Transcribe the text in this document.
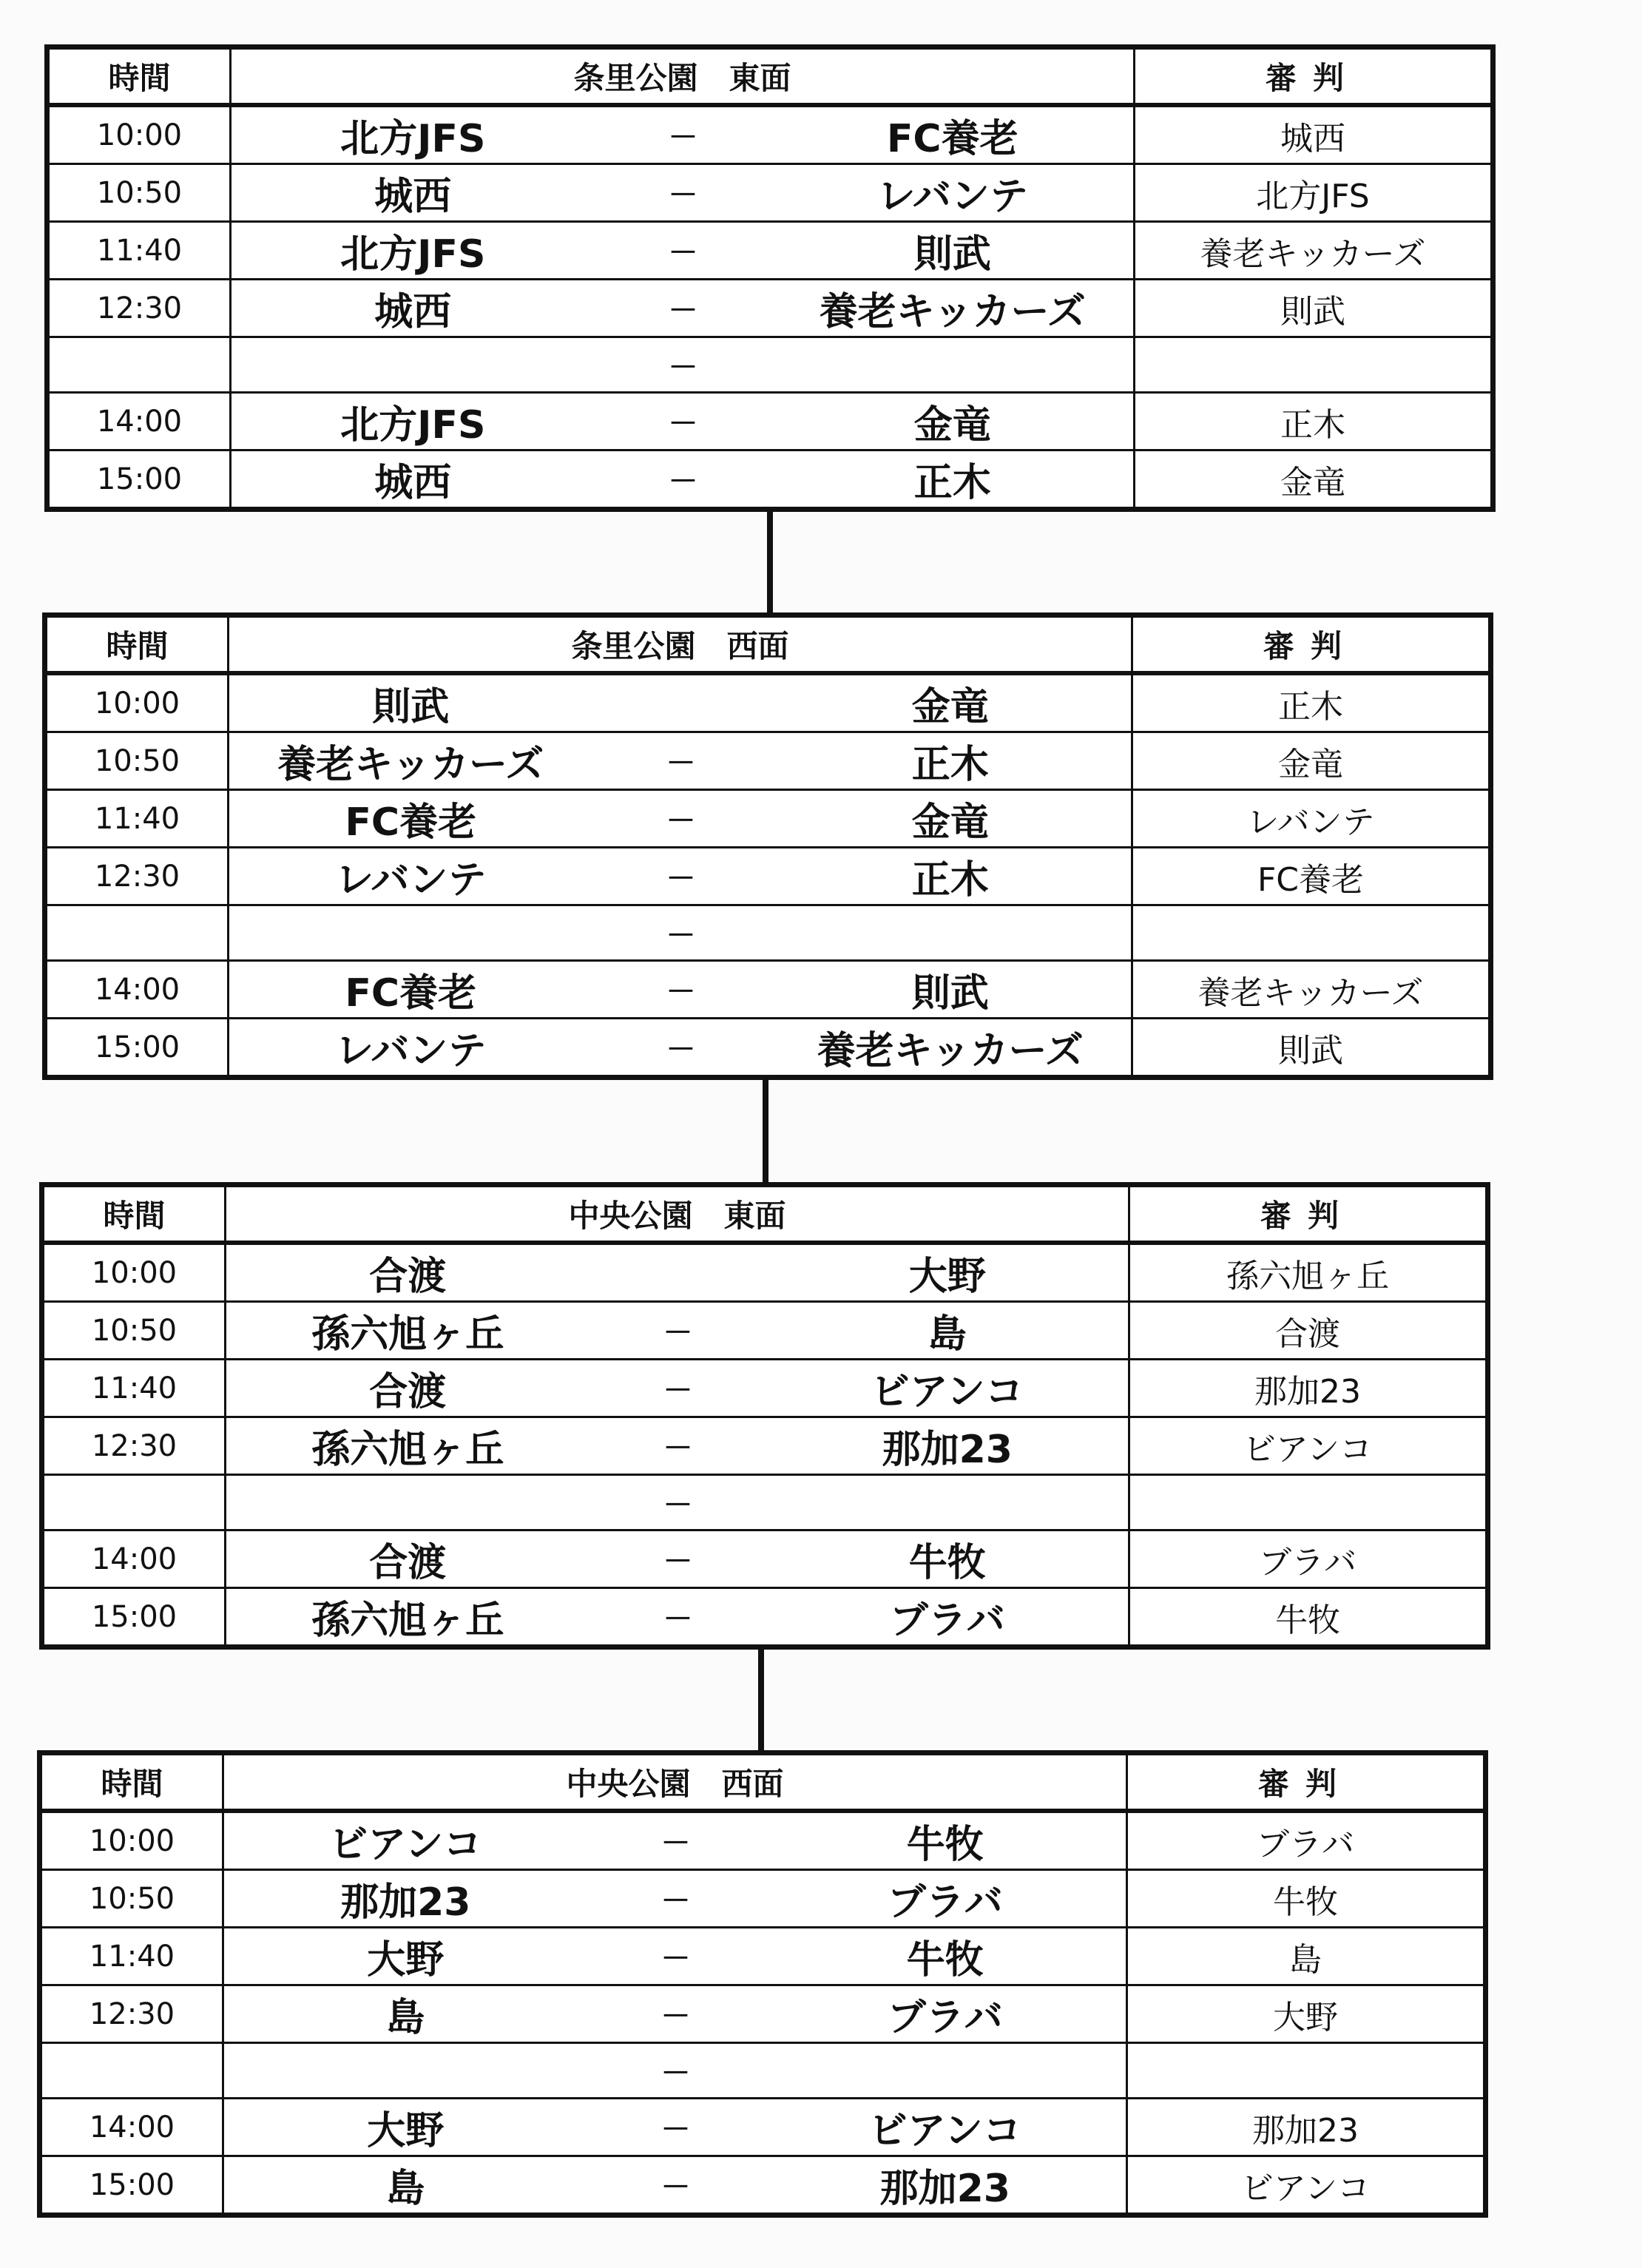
時間	条里公園　東面			審判
10:00	北方JFS	－	FC養老	城西
10:50	城西	－	レバンテ	北方JFS
11:40	北方JFS	－	則武	養老キッカーズ
12:30	城西	－	養老キッカーズ	則武
		－		
14:00	北方JFS	－	金竜	正木
15:00	城西	－	正木	金竜
時間	条里公園　西面			審判
10:00	則武		金竜	正木
10:50	養老キッカーズ	－	正木	金竜
11:40	FC養老	－	金竜	レバンテ
12:30	レバンテ	－	正木	FC養老
		－		
14:00	FC養老	－	則武	養老キッカーズ
15:00	レバンテ	－	養老キッカーズ	則武
時間	中央公園　東面			審判
10:00	合渡		大野	孫六旭ヶ丘
10:50	孫六旭ヶ丘	－	島	合渡
11:40	合渡	－	ビアンコ	那加23
12:30	孫六旭ヶ丘	－	那加23	ビアンコ
		－		
14:00	合渡	－	牛牧	ブラバ
15:00	孫六旭ヶ丘	－	ブラバ	牛牧
時間	中央公園　西面			審判
10:00	ビアンコ	－	牛牧	ブラバ
10:50	那加23	－	ブラバ	牛牧
11:40	大野	－	牛牧	島
12:30	島	－	ブラバ	大野
		－		
14:00	大野	－	ビアンコ	那加23
15:00	島	－	那加23	ビアンコ
